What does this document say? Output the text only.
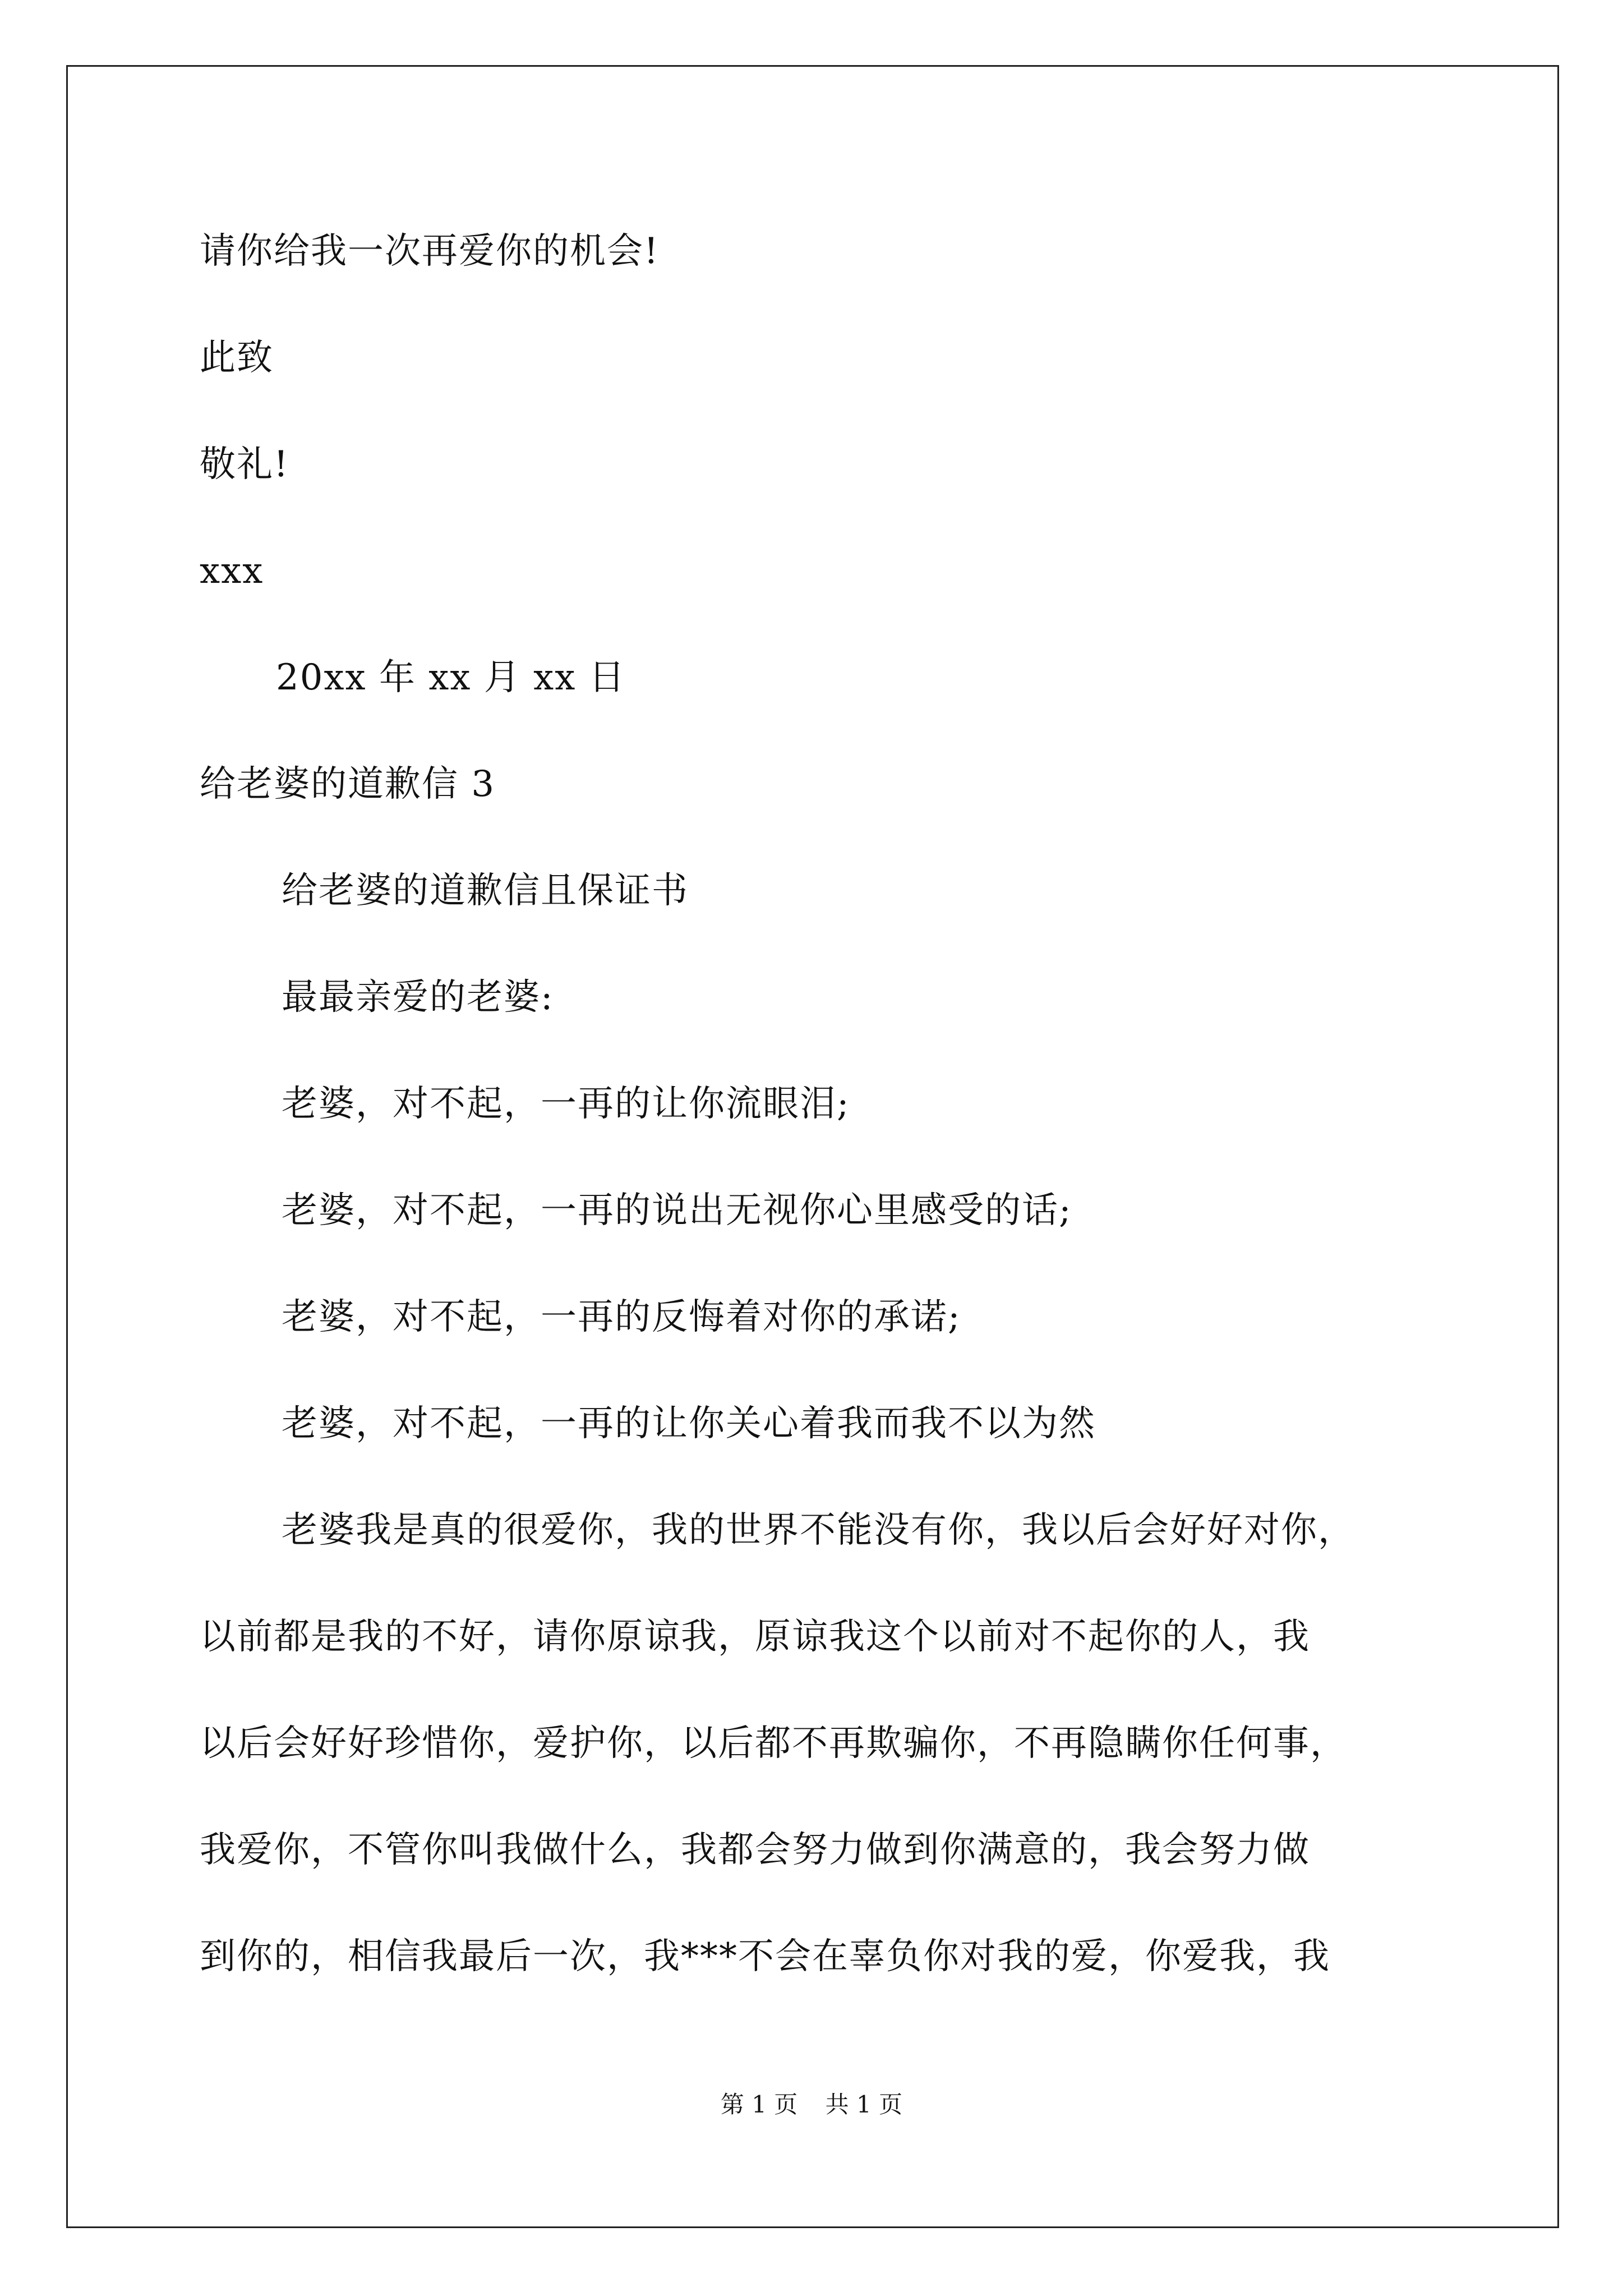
请你给我一次再爱你的机会!
此致
敬礼!
xxx
20xx 年 xx 月 xx 日
给老婆的道歉信 3
给老婆的道歉信且保证书
最最亲爱的老婆:
老婆，对不起，一再的让你流眼泪;
老婆，对不起，一再的说出无视你心里感受的话;
老婆，对不起，一再的反悔着对你的承诺;
老婆，对不起，一再的让你关心着我而我不以为然
老婆我是真的很爱你，我的世界不能没有你，我以后会好好对你，
以前都是我的不好，请你原谅我，原谅我这个以前对不起你的人，我
以后会好好珍惜你，爱护你，以后都不再欺骗你，不再隐瞒你任何事，
我爱你，不管你叫我做什么，我都会努力做到你满意的，我会努力做
到你的，相信我最后一次，我***不会在辜负你对我的爱，你爱我，我
第 1 页 共 1 页
